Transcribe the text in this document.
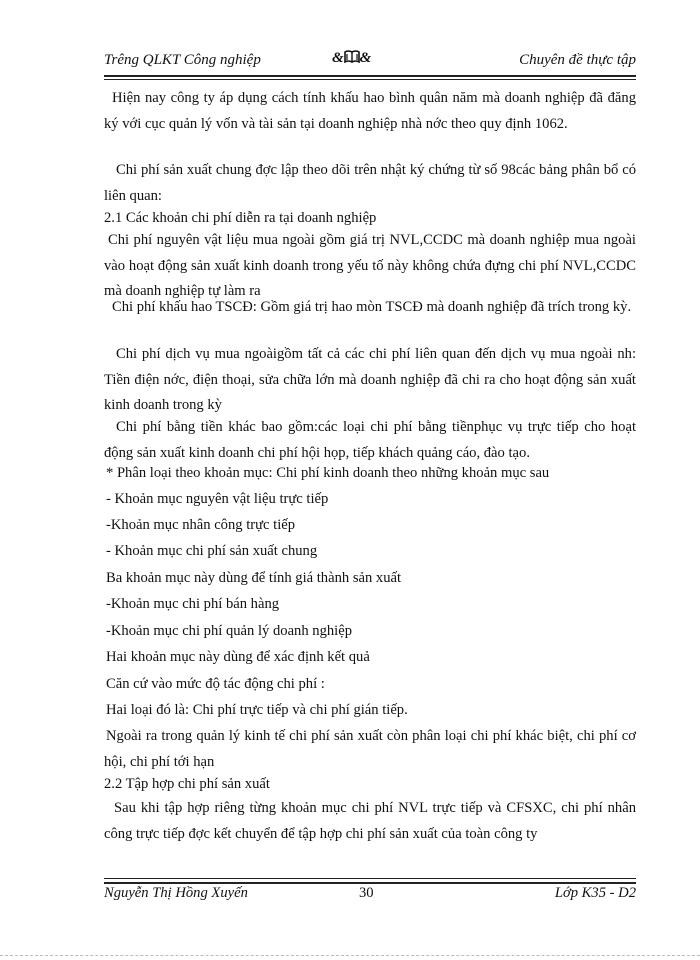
Trêng QLKT Công nghiệp	& &	Chuyên đề thực tập
Hiện nay công ty áp dụng cách tính khấu hao bình quân năm mà doanh nghiệp đã đăng ký với cục quản lý vốn và tài sản tại doanh nghiệp nhà nớc theo quy định 1062.
Chi phí sản xuất chung đợc lập theo dõi trên nhật ký chứng từ số 98các bảng phân bổ có liên quan:
2.1 Các khoản chi phí diễn ra tại doanh nghiệp
Chi phí nguyên vật liệu mua ngoài gồm giá trị NVL,CCDC mà doanh nghiệp mua ngoài vào hoạt động sản xuất kinh doanh trong yếu tố này không chứa đựng chi phí NVL,CCDC mà doanh nghiệp tự làm ra
Chi phí khấu hao TSCĐ: Gồm giá trị hao mòn TSCĐ mà doanh nghiệp đã trích trong kỳ.
Chi phí dịch vụ mua ngoàigồm tất cả các chi phí liên quan đến dịch vụ mua ngoài nh: Tiền điện nớc, điện thoại, sửa chữa lớn mà doanh nghiệp đã chi ra cho hoạt động sản xuất kinh doanh trong kỳ
Chi phí bằng tiền khác bao gồm:các loại chi phí bằng tiềnphục vụ trực tiếp cho hoạt động sản xuất kinh doanh chi phí hội họp, tiếp khách quảng cáo, đào tạo.
* Phân loại theo khoản mục: Chi phí kinh doanh theo những khoản mục sau
- Khoản mục nguyên vật liệu trực tiếp
-Khoản mục nhân công trực tiếp
- Khoản mục chi phí sản xuất chung
Ba khoản mục này dùng để tính giá thành sản xuất
-Khoản mục chi phí bán hàng
-Khoản mục chi phí quản lý doanh nghiệp
Hai khoản mục này dùng để xác định kết quả
Căn cứ vào mức độ tác động chi phí :
Hai loại đó là: Chi phí trực tiếp và chi phí gián tiếp.
Ngoài ra trong quản lý kinh tế chi phí sản xuất còn phân loại chi phí khác biệt, chi phí cơ hội, chi phí tới hạn
2.2 Tập hợp chi phí sản xuất
Sau khi tập hợp riêng từng khoản mục chi phí NVL trực tiếp và CFSXC, chi phí nhân công trực tiếp đợc kết chuyển để tập hợp chi phí sản xuất của toàn công ty
Nguyễn Thị Hồng Xuyến	30	Lớp K35 - D2
